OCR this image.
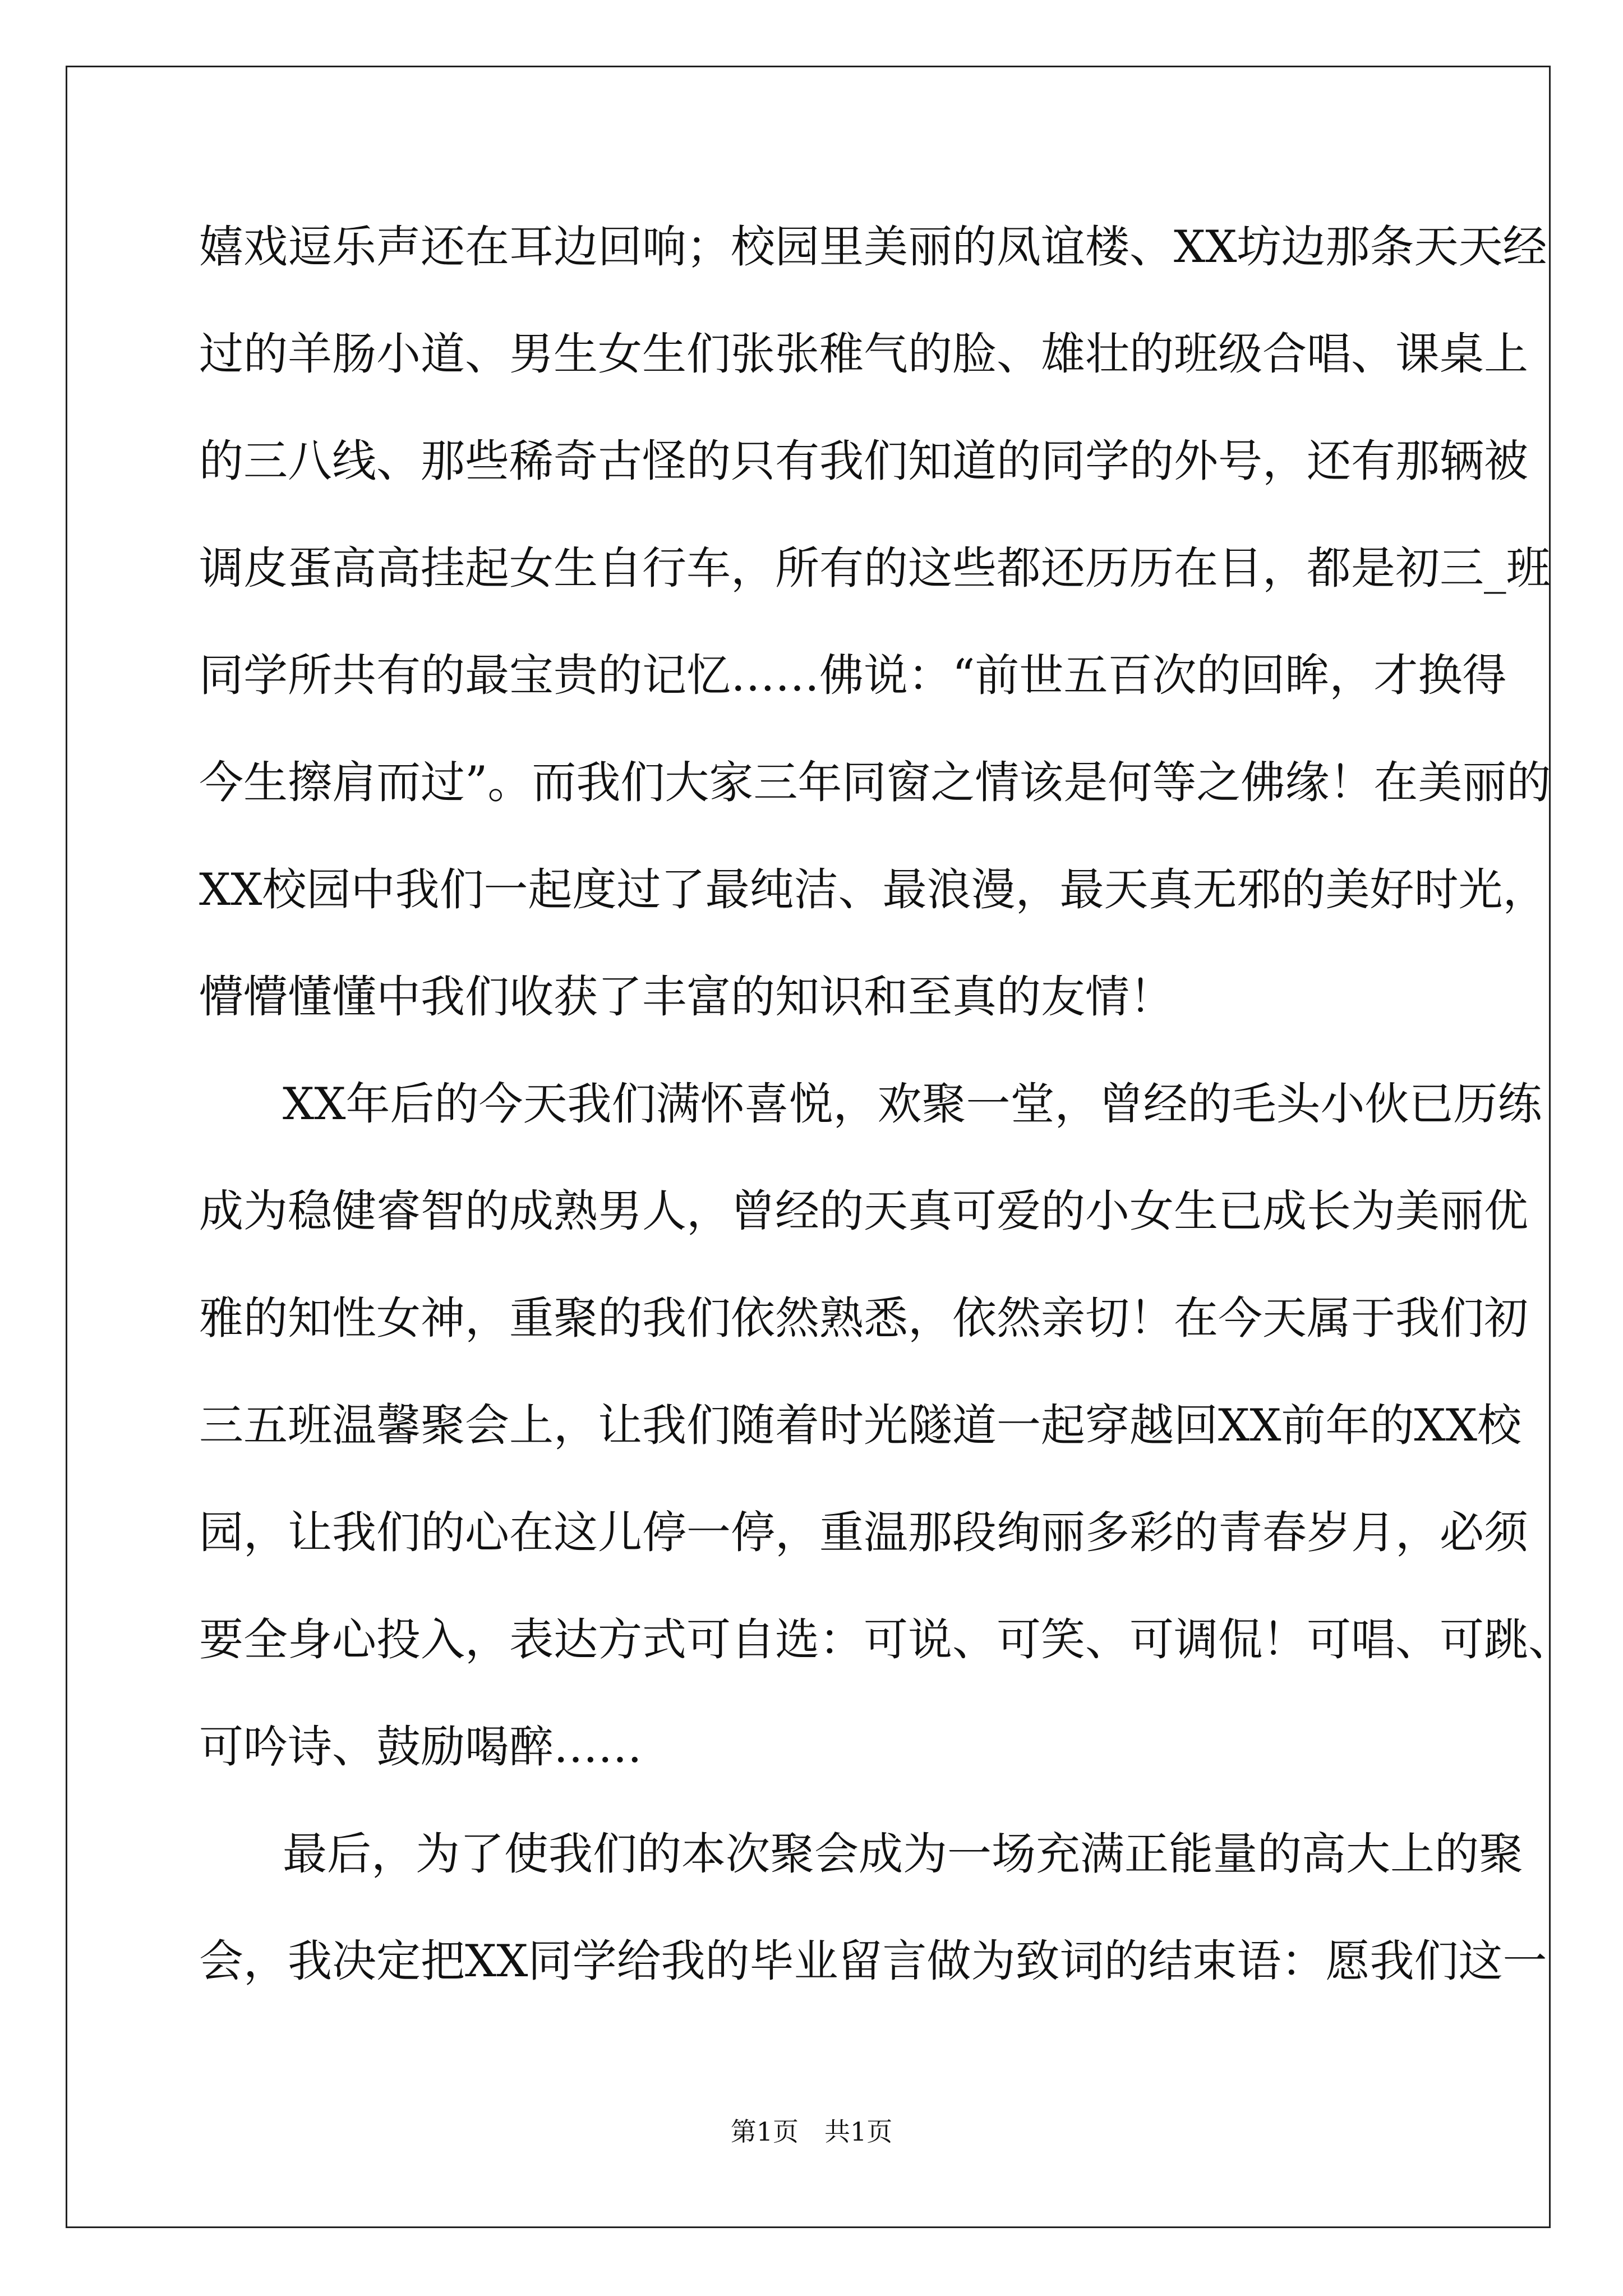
嬉戏逗乐声还在耳边回响；校园里美丽的凤谊楼、XX坊边那条天天经
过的羊肠小道、男生女生们张张稚气的脸、雄壮的班级合唱、课桌上
的三八线、那些稀奇古怪的只有我们知道的同学的外号，还有那辆被
调皮蛋高高挂起女生自行车，所有的这些都还历历在目，都是初三_班
同学所共有的最宝贵的记忆……佛说：“前世五百次的回眸，才换得
今生擦肩而过”。而我们大家三年同窗之情该是何等之佛缘！在美丽的
XX校园中我们一起度过了最纯洁、最浪漫，最天真无邪的美好时光，
懵懵懂懂中我们收获了丰富的知识和至真的友情！
XX年后的今天我们满怀喜悦，欢聚一堂，曾经的毛头小伙已历练
成为稳健睿智的成熟男人，曾经的天真可爱的小女生已成长为美丽优
雅的知性女神，重聚的我们依然熟悉，依然亲切！在今天属于我们初
三五班温馨聚会上，让我们随着时光隧道一起穿越回XX前年的XX校
园，让我们的心在这儿停一停，重温那段绚丽多彩的青春岁月，必须
要全身心投入，表达方式可自选：可说、可笑、可调侃！可唱、可跳、
可吟诗、鼓励喝醉……
最后，为了使我们的本次聚会成为一场充满正能量的高大上的聚
会，我决定把XX同学给我的毕业留言做为致词的结束语：愿我们这一
第1页 共1页
